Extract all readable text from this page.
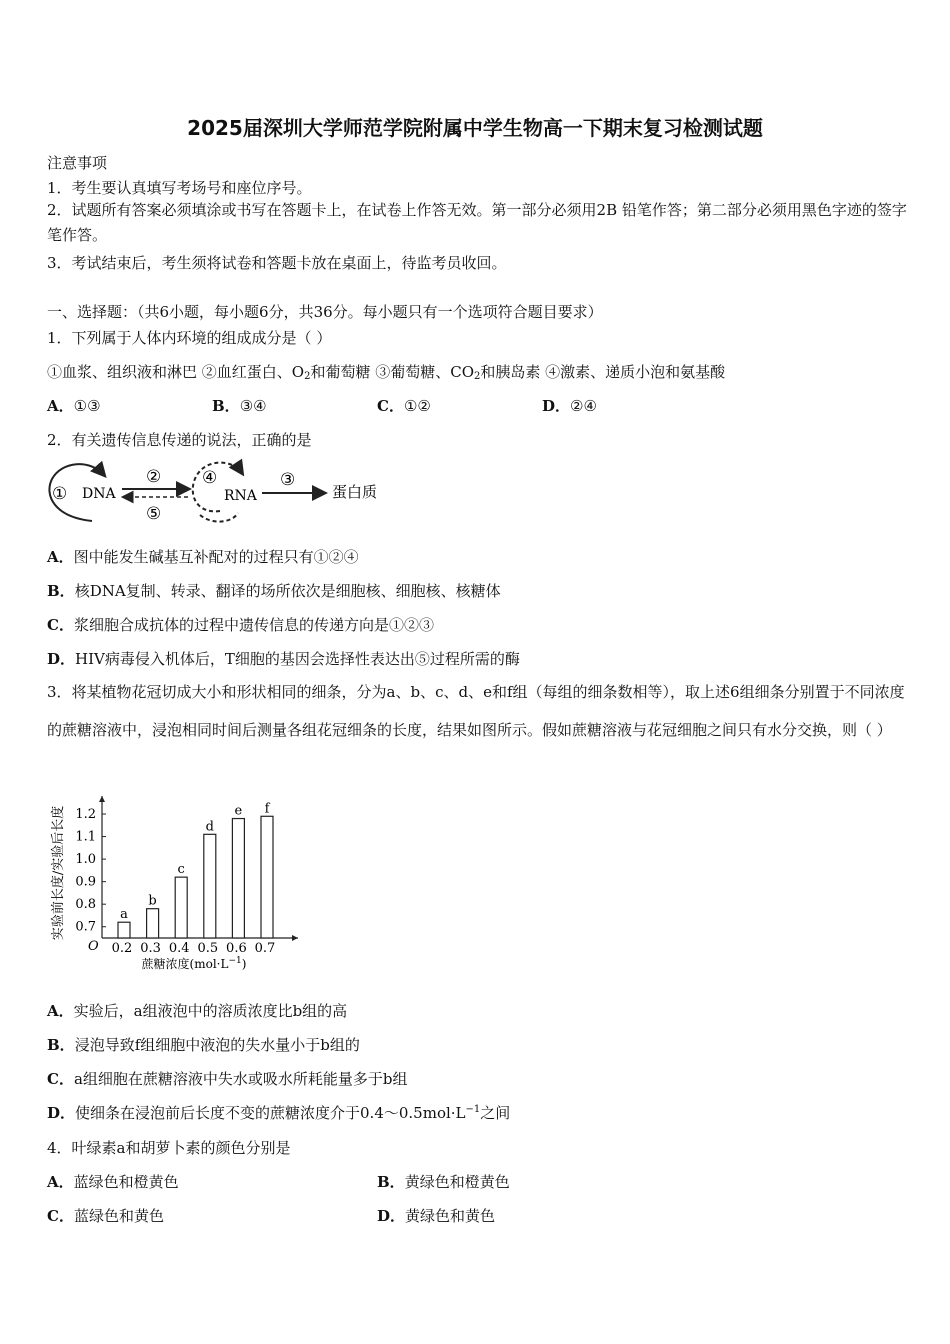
2025届深圳大学师范学院附属中学生物高一下期末复习检测试题
注意事项
1．考生要认真填写考场号和座位序号。
2．试题所有答案必须填涂或书写在答题卡上，在试卷上作答无效。第一部分必须用2B 铅笔作答；第二部分必须用黑色字迹的签字笔作答。
3．考试结束后，考生须将试卷和答题卡放在桌面上，待监考员收回。
一、选择题：（共6小题，每小题6分，共36分。每小题只有一个选项符合题目要求）
1．下列属于人体内环境的组成成分是（ ）
①血浆、组织液和淋巴 ②血红蛋白、$O_2$和葡萄糖 ③葡萄糖、$CO_2$和胰岛素 ④激素、递质小泡和氨基酸
A．①③	B．③④	C．①②	D．②④
2．有关遗传信息传递的说法，正确的是
① DNA
②
⑤
④
RNA
③
蛋白质
A．图中能发生碱基互补配对的过程只有①②④
B．核DNA复制、转录、翻译的场所依次是细胞核、细胞核、核糖体
C．浆细胞合成抗体的过程中遗传信息的传递方向是①②③
D．HIV病毒侵入机体后，T细胞的基因会选择性表达出⑤过程所需的酶
3．将某植物花冠切成大小和形状相同的细条，分为a、b、c、d、e和f组（每组的细条数相等），取上述6组细条分别置于不同浓度的蔗糖溶液中，浸泡相同时间后测量各组花冠细条的长度，结果如图所示。假如蔗糖溶液与花冠细胞之间只有水分交换，则（ ）
实验前长度/实验后长度
蔗糖浓度$(mol\cdot L^{-1})$
O
0.7
0.8
0.9
1.0
1.1
1.2
a
0.2
b
0.3
c
0.4
d
0.5
e
0.6
f
0.7
A．实验后，a组液泡中的溶质浓度比b组的高
B．浸泡导致f组细胞中液泡的失水量小于b组的
C．a组细胞在蔗糖溶液中失水或吸水所耗能量多于b组
D．使细条在浸泡前后长度不变的蔗糖浓度介于$0.4\sim 0.5mol\cdot L^{-1}$之间
4．叶绿素a和胡萝卜素的颜色分别是
A．蓝绿色和橙黄色	B．黄绿色和橙黄色
C．蓝绿色和黄色	D．黄绿色和黄色
